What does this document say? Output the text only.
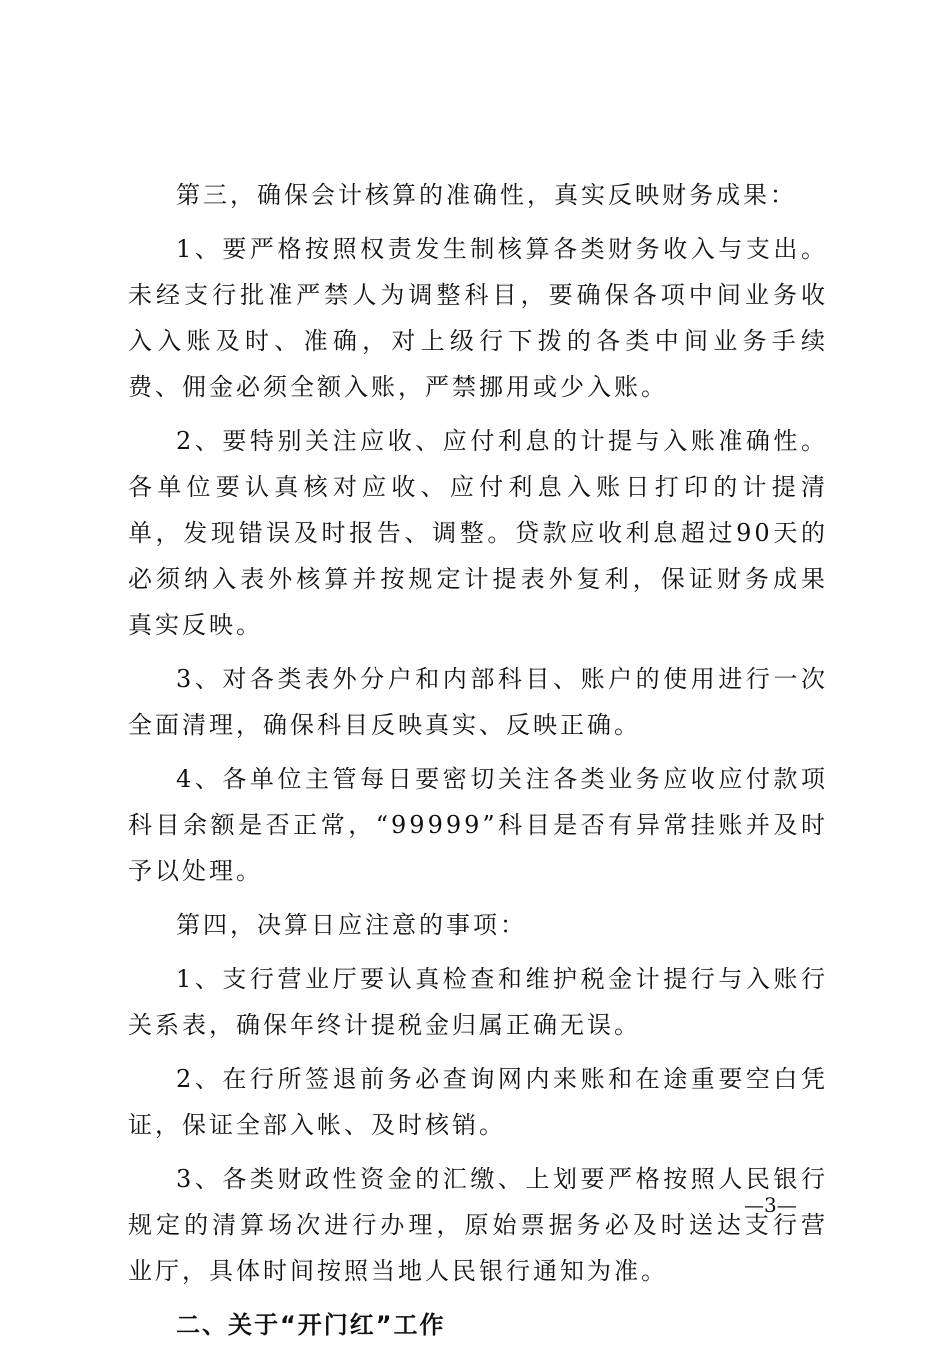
第三，确保会计核算的准确性，真实反映财务成果：

1、要严格按照权责发生制核算各类财务收入与支出。未经支行批准严禁人为调整科目，要确保各项中间业务收入入账及时、准确，对上级行下拨的各类中间业务手续费、佣金必须全额入账，严禁挪用或少入账。

2、要特别关注应收、应付利息的计提与入账准确性。各单位要认真核对应收、应付利息入账日打印的计提清单，发现错误及时报告、调整。贷款应收利息超过90天的必须纳入表外核算并按规定计提表外复利，保证财务成果真实反映。

3、对各类表外分户和内部科目、账户的使用进行一次全面清理，确保科目反映真实、反映正确。

4、各单位主管每日要密切关注各类业务应收应付款项科目余额是否正常，“99999”科目是否有异常挂账并及时予以处理。

第四，决算日应注意的事项：

1、支行营业厅要认真检查和维护税金计提行与入账行关系表，确保年终计提税金归属正确无误。

2、在行所签退前务必查询网内来账和在途重要空白凭证，保证全部入帐、及时核销。

3、各类财政性资金的汇缴、上划要严格按照人民银行规定的清算场次进行办理，原始票据务必及时送达支行营业厅，具体时间按照当地人民银行通知为准。

二、关于“开门红”工作

—3—
